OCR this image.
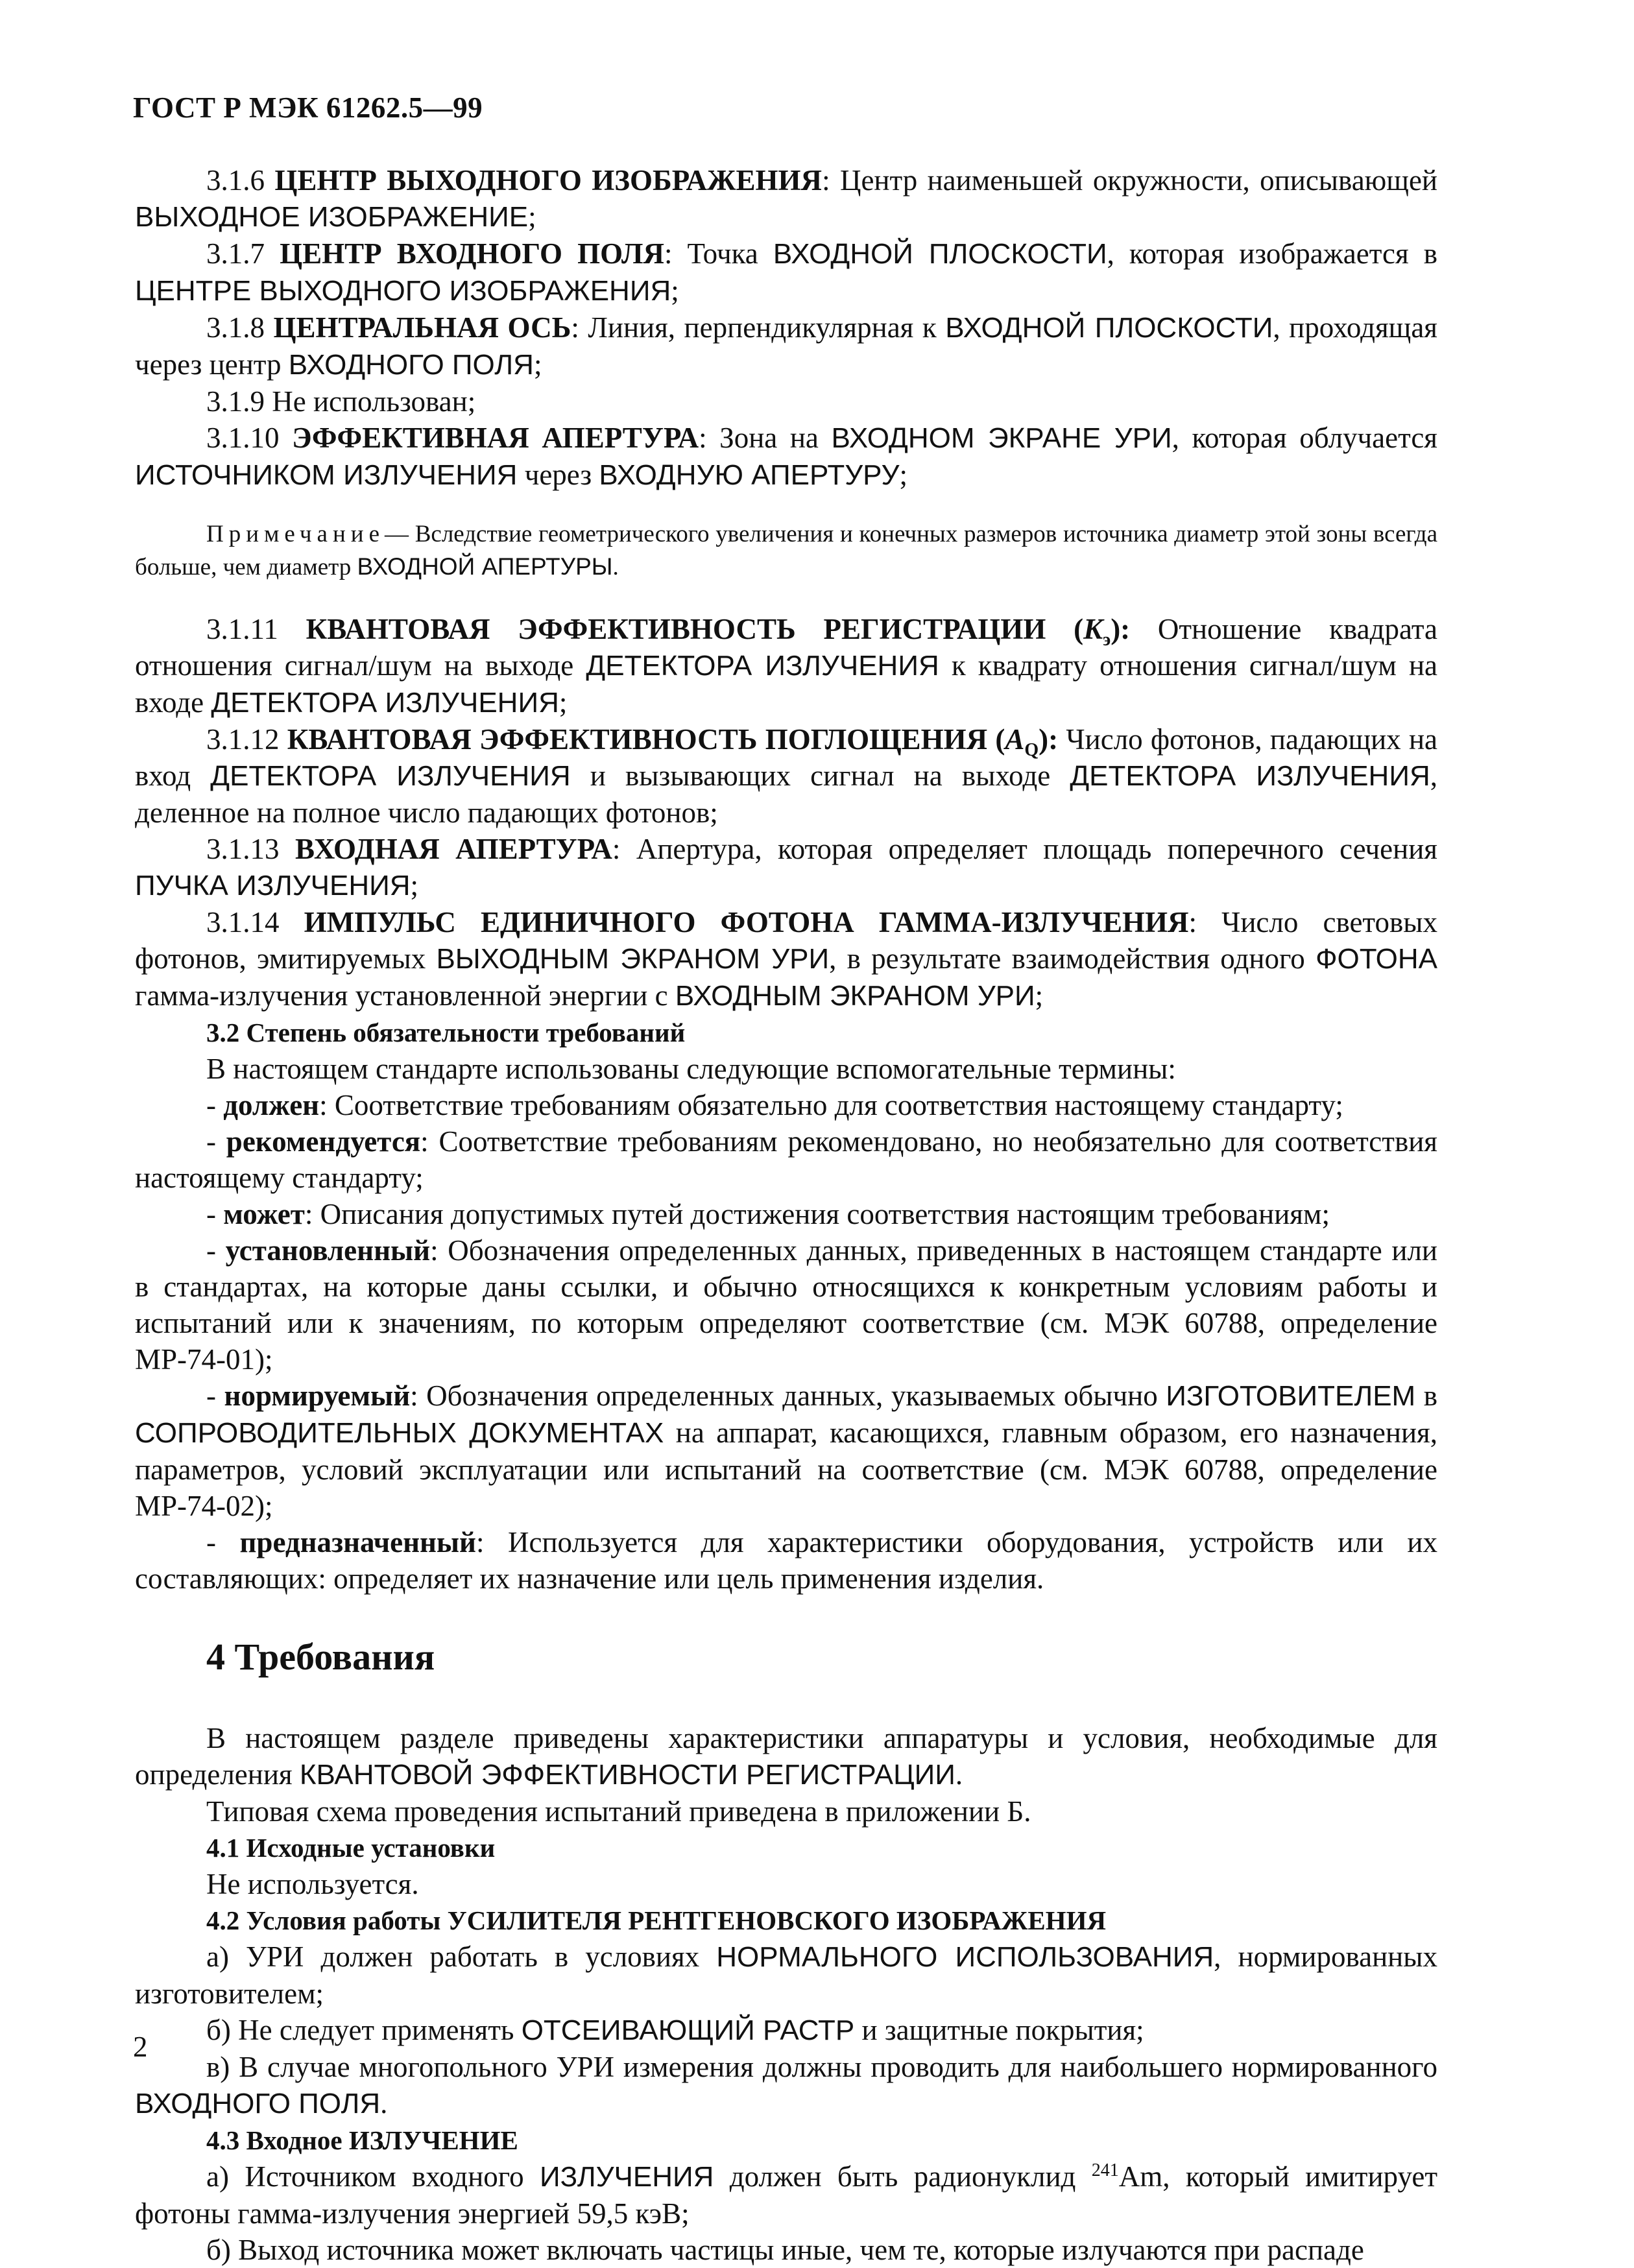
ГОСТ Р МЭК 61262.5—99

3.1.6 ЦЕНТР ВЫХОДНОГО ИЗОБРАЖЕНИЯ: Центр наименьшей окружности, описывающей ВЫХОДНОЕ ИЗОБРАЖЕНИЕ;

3.1.7 ЦЕНТР ВХОДНОГО ПОЛЯ: Точка ВХОДНОЙ ПЛОСКОСТИ, которая изображается в ЦЕНТРЕ ВЫХОДНОГО ИЗОБРАЖЕНИЯ;

3.1.8 ЦЕНТРАЛЬНАЯ ОСЬ: Линия, перпендикулярная к ВХОДНОЙ ПЛОСКОСТИ, проходящая через центр ВХОДНОГО ПОЛЯ;

3.1.9 Не использован;

3.1.10 ЭФФЕКТИВНАЯ АПЕРТУРА: Зона на ВХОДНОМ ЭКРАНЕ УРИ, которая облучается ИСТОЧНИКОМ ИЗЛУЧЕНИЯ через ВХОДНУЮ АПЕРТУРУ;

Примечание— Вследствие геометрического увеличения и конечных размеров источника диаметр этой зоны всегда больше, чем диаметр ВХОДНОЙ АПЕРТУРЫ.

3.1.11 КВАНТОВАЯ ЭФФЕКТИВНОСТЬ РЕГИСТРАЦИИ $(K_э)$: Отношение квадрата отношения сигнал/шум на выходе ДЕТЕКТОРА ИЗЛУЧЕНИЯ к квадрату отношения сигнал/шум на входе ДЕТЕКТОРА ИЗЛУЧЕНИЯ;

3.1.12 КВАНТОВАЯ ЭФФЕКТИВНОСТЬ ПОГЛОЩЕНИЯ $(A_Q)$: Число фотонов, падающих на вход ДЕТЕКТОРА ИЗЛУЧЕНИЯ и вызывающих сигнал на выходе ДЕТЕКТОРА ИЗЛУЧЕНИЯ, деленное на полное число падающих фотонов;

3.1.13 ВХОДНАЯ АПЕРТУРА: Апертура, которая определяет площадь поперечного сечения ПУЧКА ИЗЛУЧЕНИЯ;

3.1.14 ИМПУЛЬС ЕДИНИЧНОГО ФОТОНА ГАММА-ИЗЛУЧЕНИЯ: Число световых фотонов, эмитируемых ВЫХОДНЫМ ЭКРАНОМ УРИ, в результате взаимодействия одного ФОТОНА гамма-излучения установленной энергии с ВХОДНЫМ ЭКРАНОМ УРИ;

3.2 Степень обязательности требований

В настоящем стандарте использованы следующие вспомогательные термины:

- должен: Соответствие требованиям обязательно для соответствия настоящему стандарту;

- рекомендуется: Соответствие требованиям рекомендовано, но необязательно для соответствия настоящему стандарту;

- может: Описания допустимых путей достижения соответствия настоящим требованиям;

- установленный: Обозначения определенных данных, приведенных в настоящем стандарте или в стандартах, на которые даны ссылки, и обычно относящихся к конкретным условиям работы и испытаний или к значениям, по которым определяют соответствие (см. МЭК 60788, определение МР-74-01);

- нормируемый: Обозначения определенных данных, указываемых обычно ИЗГОТОВИТЕЛЕМ в СОПРОВОДИТЕЛЬНЫХ ДОКУМЕНТАХ на аппарат, касающихся, главным образом, его назначения, параметров, условий эксплуатации или испытаний на соответствие (см. МЭК 60788, определение МР-74-02);

- предназначенный: Используется для характеристики оборудования, устройств или их составляющих: определяет их назначение или цель применения изделия.

4 Требования

В настоящем разделе приведены характеристики аппаратуры и условия, необходимые для определения КВАНТОВОЙ ЭФФЕКТИВНОСТИ РЕГИСТРАЦИИ.

Типовая схема проведения испытаний приведена в приложении Б.

4.1 Исходные установки

Не используется.

4.2 Условия работы УСИЛИТЕЛЯ РЕНТГЕНОВСКОГО ИЗОБРАЖЕНИЯ

а) УРИ должен работать в условиях НОРМАЛЬНОГО ИСПОЛЬЗОВАНИЯ, нормированных изготовителем;

б) Не следует применять ОТСЕИВАЮЩИЙ РАСТР и защитные покрытия;

в) В случае многопольного УРИ измерения должны проводить для наибольшего нормированного ВХОДНОГО ПОЛЯ.

4.3 Входное ИЗЛУЧЕНИЕ

а) Источником входного ИЗЛУЧЕНИЯ должен быть радионуклид $^{241}$Am, который имитирует фотоны гамма-излучения энергией 59,5 кэВ;

б) Выход источника может включать частицы иные, чем те, которые излучаются при распаде

2
